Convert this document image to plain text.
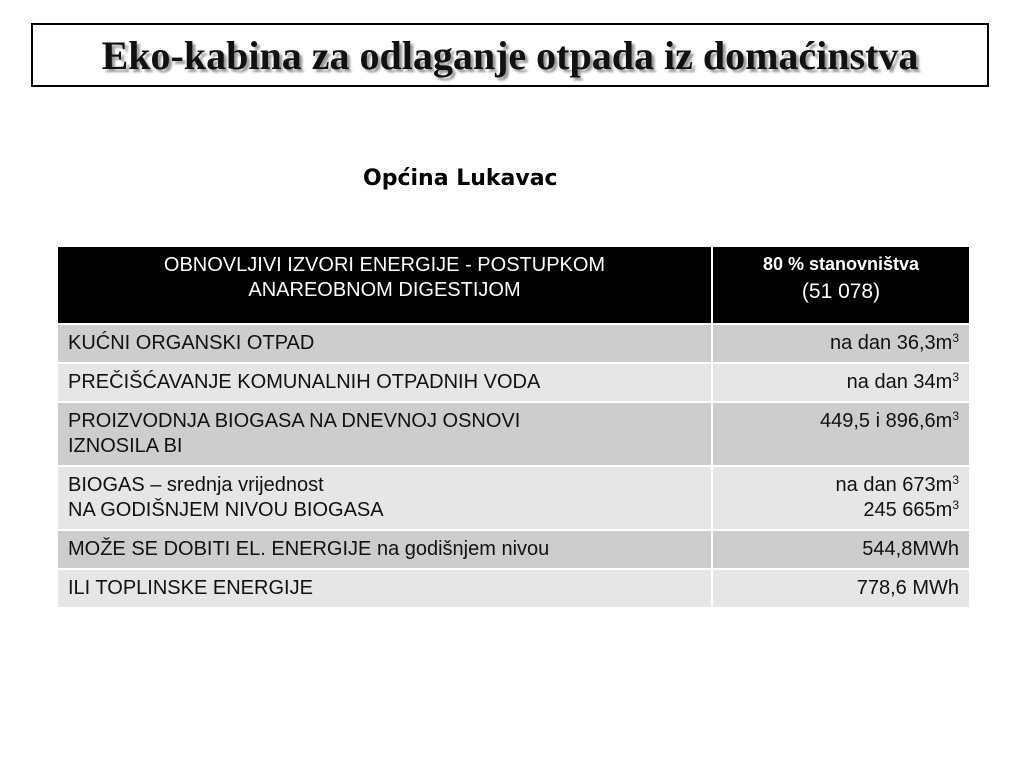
Eko-kabina za odlaganje otpada iz domaćinstva
Općina Lukavac
OBNOVLJIVI IZVORI ENERGIJE - POSTUPKOM
ANAREOBNOM DIGESTIJOM	80 % stanovništva
(51 078)

KUĆNI ORGANSKI OTPAD	na dan $36,3m^3$

PREČIŠĆAVANJE KOMUNALNIH OTPADNIH VODA	na dan $34m^3$

PROIZVODNJA BIOGASA NA DNEVNOJ OSNOVI
IZNOSILA BI	449,5 i $896,6m^3$

BIOGAS – srednja vrijednost
NA GODIŠNJEM NIVOU BIOGASA	na dan $673m^3$
245 $665m^3$

MOŽE SE DOBITI EL. ENERGIJE na godišnjem nivou	544,8MWh

ILI TOPLINSKE ENERGIJE	778,6 MWh
